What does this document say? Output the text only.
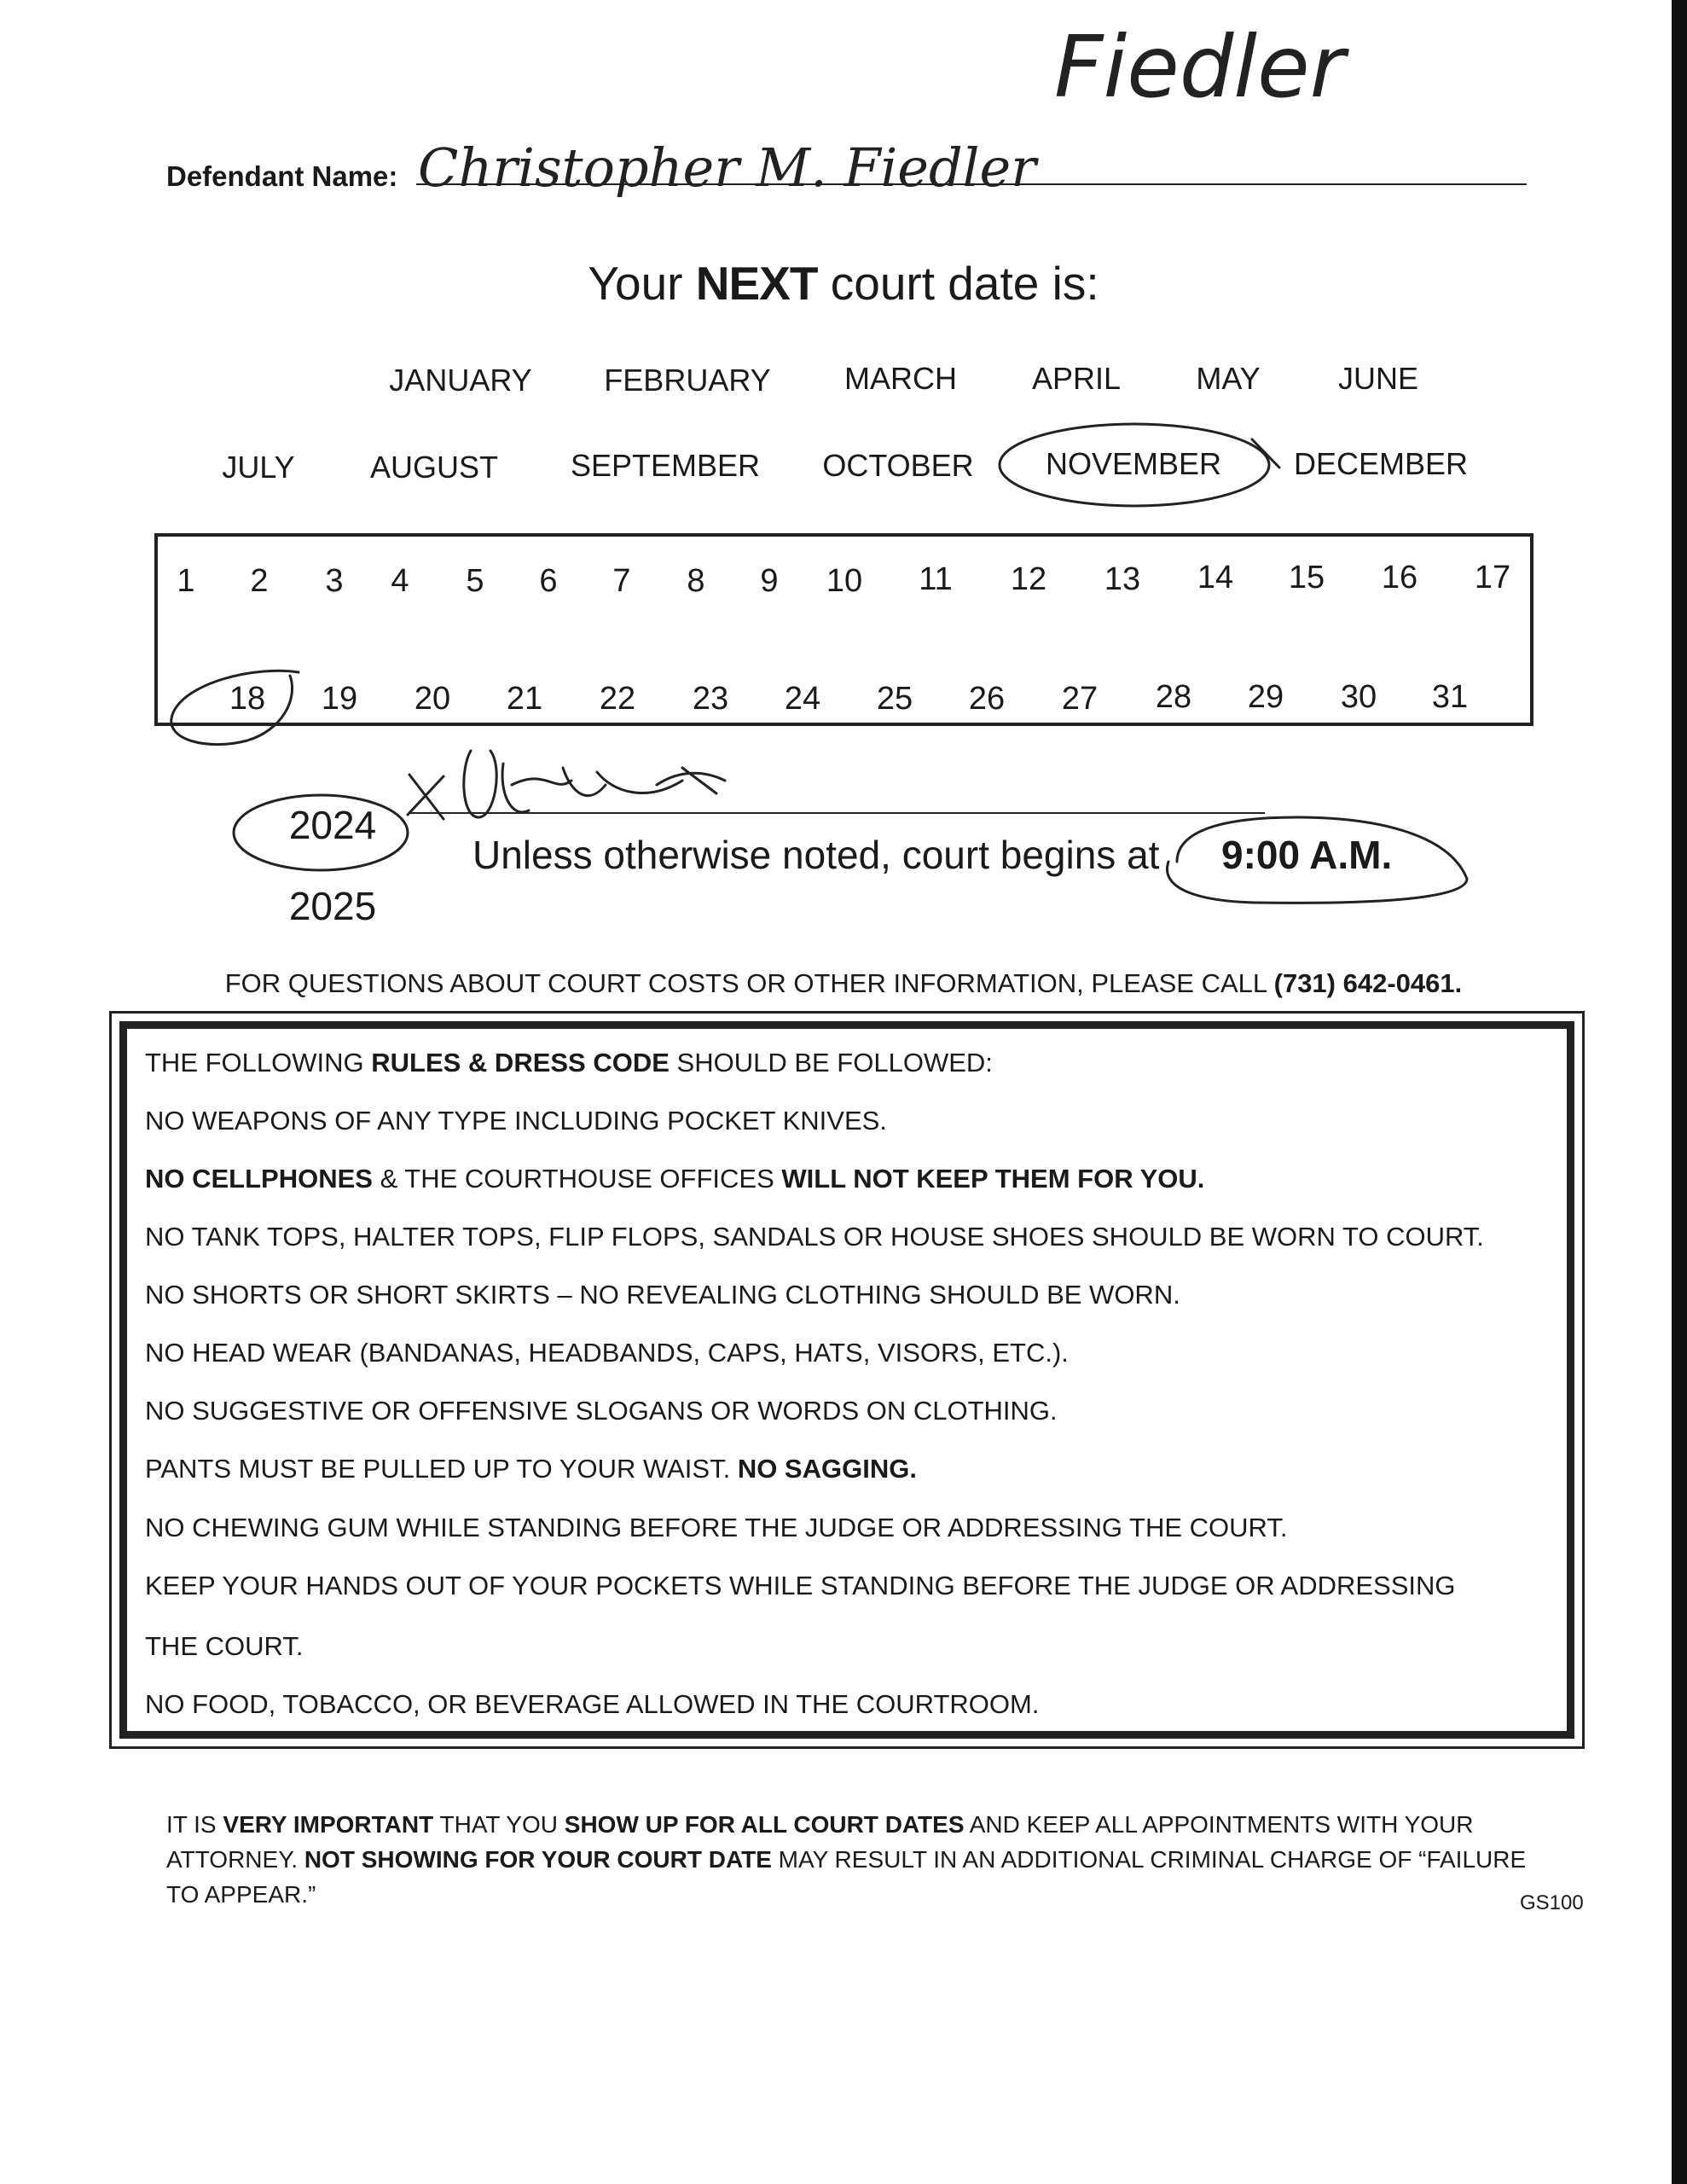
Fiedler
Defendant Name: Christopher M. Fiedler
Your NEXT court date is:
JANUARY FEBRUARY MARCH APRIL MAY	JUNE
JULY AUGUST SEPTEMBER OCTOBER NOVEMBER DECEMBER
1 2 3 4 5 6 7 8 9 10 11 12 13 14 15 16 17
18 19 20 21 22 23 24 25 26 27 28 29 30 31
2024
2025
Unless otherwise noted, court begins at 9:00 A.M.
FOR QUESTIONS ABOUT COURT COSTS OR OTHER INFORMATION, PLEASE CALL (731) 642-0461.
THE FOLLOWING RULES & DRESS CODE SHOULD BE FOLLOWED:
NO WEAPONS OF ANY TYPE INCLUDING POCKET KNIVES.
NO CELLPHONES & THE COURTHOUSE OFFICES WILL NOT KEEP THEM FOR YOU.
NO TANK TOPS, HALTER TOPS, FLIP FLOPS, SANDALS OR HOUSE SHOES SHOULD BE WORN TO COURT.
NO SHORTS OR SHORT SKIRTS – NO REVEALING CLOTHING SHOULD BE WORN.
NO HEAD WEAR (BANDANAS, HEADBANDS, CAPS, HATS, VISORS, ETC.).
NO SUGGESTIVE OR OFFENSIVE SLOGANS OR WORDS ON CLOTHING.
PANTS MUST BE PULLED UP TO YOUR WAIST. NO SAGGING.
NO CHEWING GUM WHILE STANDING BEFORE THE JUDGE OR ADDRESSING THE COURT.
KEEP YOUR HANDS OUT OF YOUR POCKETS WHILE STANDING BEFORE THE JUDGE OR ADDRESSING
THE COURT.
NO FOOD, TOBACCO, OR BEVERAGE ALLOWED IN THE COURTROOM.
IT IS VERY IMPORTANT THAT YOU SHOW UP FOR ALL COURT DATES AND KEEP ALL APPOINTMENTS WITH YOUR ATTORNEY. NOT SHOWING FOR YOUR COURT DATE MAY RESULT IN AN ADDITIONAL CRIMINAL CHARGE OF “FAILURE TO APPEAR.”	GS100
